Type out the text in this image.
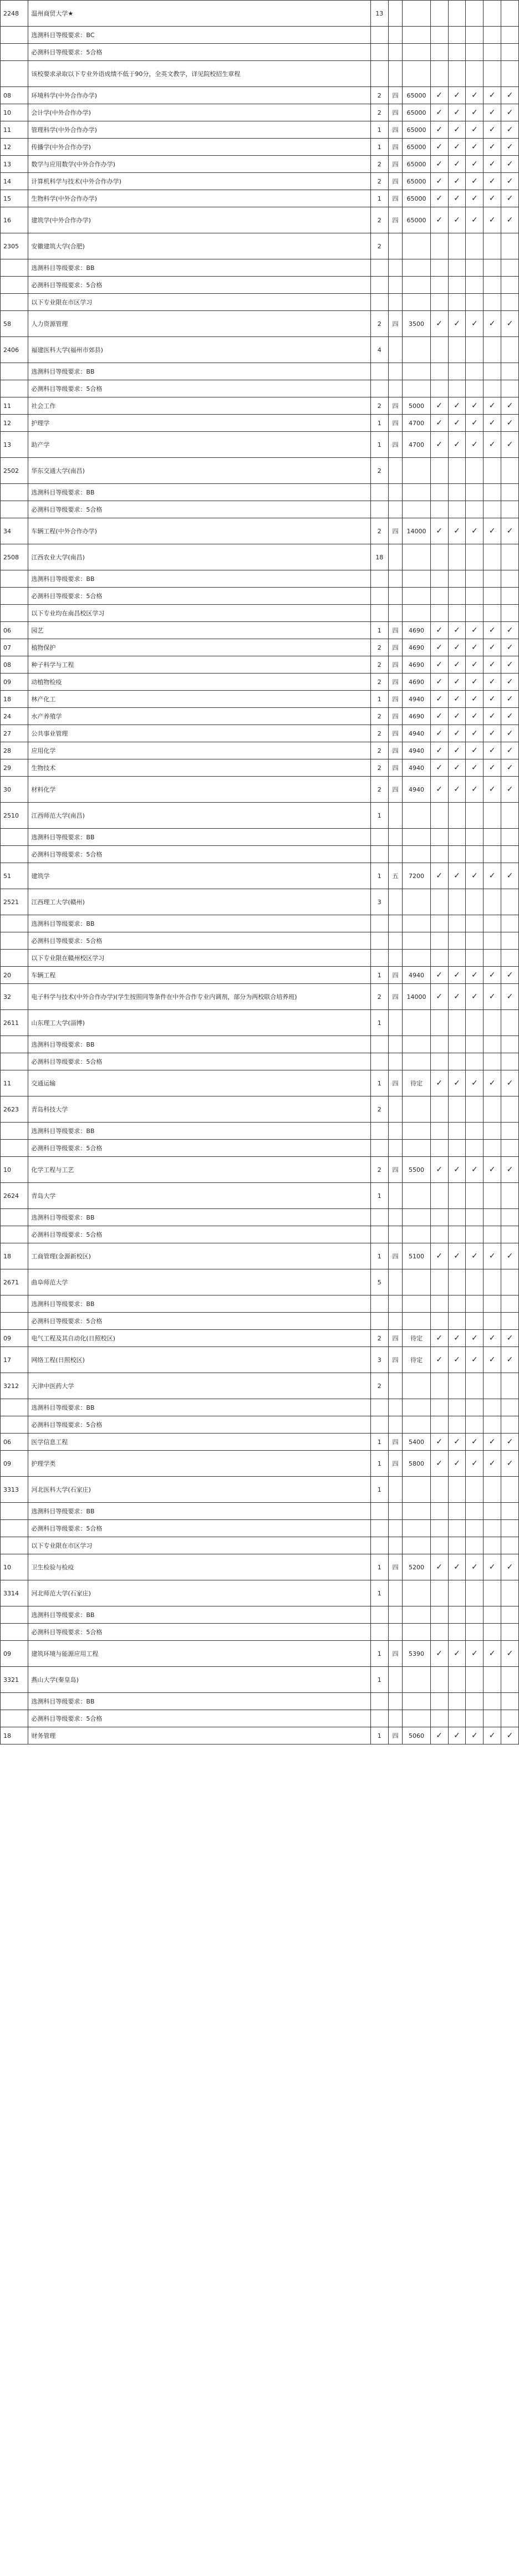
2248	温州商贸大学★	13							
	选测科目等级要求：BC								
	必测科目等级要求：5合格								
	该校要求录取以下专业外语成绩不低于90分，全英文教学，详见院校招生章程								
08	环境科学(中外合作办学)	2	四	65000	✓	✓	✓	✓	✓
10	会计学(中外合作办学)	2	四	65000	✓	✓	✓	✓	✓
11	管理科学(中外合作办学)	1	四	65000	✓	✓	✓	✓	✓
12	传播学(中外合作办学)	1	四	65000	✓	✓	✓	✓	✓
13	数学与应用数学(中外合作办学)	2	四	65000	✓	✓	✓	✓	✓
14	计算机科学与技术(中外合作办学)	2	四	65000	✓	✓	✓	✓	✓
15	生物科学(中外合作办学)	1	四	65000	✓	✓	✓	✓	✓
16	建筑学(中外合作办学)	2	四	65000	✓	✓	✓	✓	✓
2305	安徽建筑大学(合肥)	2							
	选测科目等级要求：BB								
	必测科目等级要求：5合格								
	以下专业限在市区学习								
58	人力资源管理	2	四	3500	✓	✓	✓	✓	✓
2406	福建医科大学(福州市郊县)	4							
	选测科目等级要求：BB								
	必测科目等级要求：5合格								
11	社会工作	2	四	5000	✓	✓	✓	✓	✓
12	护理学	1	四	4700	✓	✓	✓	✓	✓
13	助产学	1	四	4700	✓	✓	✓	✓	✓
2502	华东交通大学(南昌)	2							
	选测科目等级要求：BB								
	必测科目等级要求：5合格								
34	车辆工程(中外合作办学)	2	四	14000	✓	✓	✓	✓	✓
2508	江西农业大学(南昌)	18							
	选测科目等级要求：BB								
	必测科目等级要求：5合格								
	以下专业均在南昌校区学习								
06	园艺	1	四	4690	✓	✓	✓	✓	✓
07	植物保护	2	四	4690	✓	✓	✓	✓	✓
08	种子科学与工程	2	四	4690	✓	✓	✓	✓	✓
09	动植物检疫	2	四	4690	✓	✓	✓	✓	✓
18	林产化工	1	四	4940	✓	✓	✓	✓	✓
24	水产养殖学	2	四	4690	✓	✓	✓	✓	✓
27	公共事业管理	2	四	4940	✓	✓	✓	✓	✓
28	应用化学	2	四	4940	✓	✓	✓	✓	✓
29	生物技术	2	四	4940	✓	✓	✓	✓	✓
30	材料化学	2	四	4940	✓	✓	✓	✓	✓
2510	江西师范大学(南昌)	1							
	选测科目等级要求：BB								
	必测科目等级要求：5合格								
51	建筑学	1	五	7200	✓	✓	✓	✓	✓
2521	江西理工大学(赣州)	3							
	选测科目等级要求：BB								
	必测科目等级要求：5合格								
	以下专业限在赣州校区学习								
20	车辆工程	1	四	4940	✓	✓	✓	✓	✓
32	电子科学与技术(中外合作办学)(学生按照同等条件在中外合作专业内调剂，部分为两校联合培养班)	2	四	14000	✓	✓	✓	✓	✓
2611	山东理工大学(淄博)	1							
	选测科目等级要求：BB								
	必测科目等级要求：5合格								
11	交通运输	1	四	待定	✓	✓	✓	✓	✓
2623	青岛科技大学	2							
	选测科目等级要求：BB								
	必测科目等级要求：5合格								
10	化学工程与工艺	2	四	5500	✓	✓	✓	✓	✓
2624	青岛大学	1							
	选测科目等级要求：BB								
	必测科目等级要求：5合格								
18	工商管理(金源新校区)	1	四	5100	✓	✓	✓	✓	✓
2671	曲阜师范大学	5							
	选测科目等级要求：BB								
	必测科目等级要求：5合格								
09	电气工程及其自动化(日照校区)	2	四	待定	✓	✓	✓	✓	✓
17	网络工程(日照校区)	3	四	待定	✓	✓	✓	✓	✓
3212	天津中医药大学	2							
	选测科目等级要求：BB								
	必测科目等级要求：5合格								
06	医学信息工程	1	四	5400	✓	✓	✓	✓	✓
09	护理学类	1	四	5800	✓	✓	✓	✓	✓
3313	河北医科大学(石家庄)	1							
	选测科目等级要求：BB								
	必测科目等级要求：5合格								
	以下专业限在市区学习								
10	卫生检验与检疫	1	四	5200	✓	✓	✓	✓	✓
3314	河北师范大学(石家庄)	1							
	选测科目等级要求：BB								
	必测科目等级要求：5合格								
09	建筑环境与能源应用工程	1	四	5390	✓	✓	✓	✓	✓
3321	燕山大学(秦皇岛)	1							
	选测科目等级要求：BB								
	必测科目等级要求：5合格								
18	财务管理	1	四	5060	✓	✓	✓	✓	✓
